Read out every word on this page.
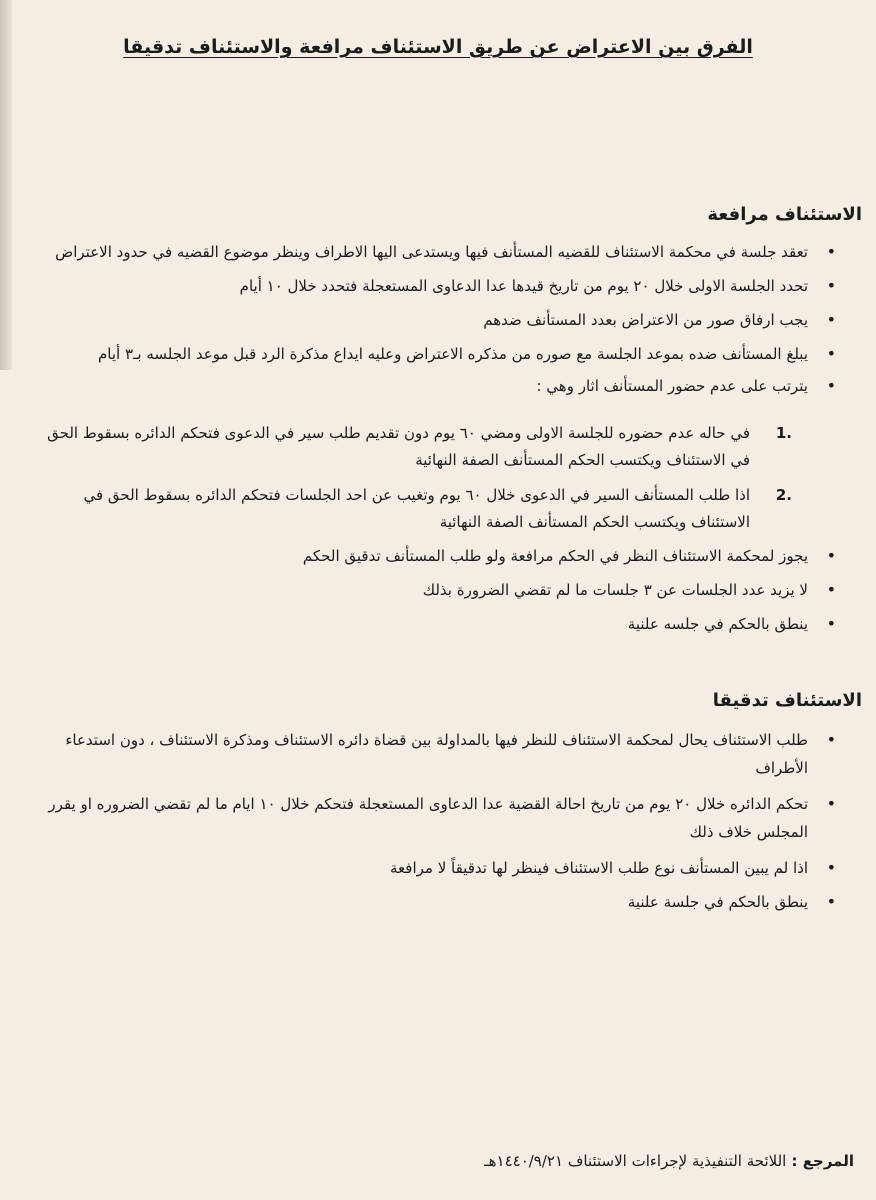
الفرق بين الاعتراض عن طريق الاستئناف مرافعة والاستئناف تدقيقا
الاستئناف مرافعة
• تعقد جلسة في محكمة الاستئناف للقضيه المستأنف فيها ويستدعى اليها الاطراف وينظر موضوع القضيه في حدود الاعتراض
• تحدد الجلسة الاولى خلال ٢٠ يوم من تاريخ قيدها عدا الدعاوى المستعجلة فتحدد خلال ١٠ أيام
• يجب ارفاق صور من الاعتراض بعدد المستأنف ضدهم
• يبلغ المستأنف ضده بموعد الجلسة مع صوره من مذكره الاعتراض وعليه ايداع مذكرة الرد قبل موعد الجلسه بـ٣ أيام
• يترتب على عدم حضور المستأنف اثار وهي :
1.
في حاله عدم حضوره للجلسة الاولى ومضي ٦٠ يوم دون تقديم طلب سير في الدعوى فتحكم الدائره بسقوط الحق في الاستئناف ويكتسب الحكم المستأنف الصفة النهائية
2.
اذا طلب المستأنف السير في الدعوى خلال ٦٠ يوم وتغيب عن احد الجلسات فتحكم الدائره بسقوط الحق في الاستئناف ويكتسب الحكم المستأنف الصفة النهائية
• يجوز لمحكمة الاستئناف النظر في الحكم مرافعة ولو طلب المستأنف تدقيق الحكم
• لا يزيد عدد الجلسات عن ٣ جلسات ما لم تقضي الضرورة بذلك
• ينطق بالحكم في جلسه علنية
الاستئناف تدقيقا
• طلب الاستئناف يحال لمحكمة الاستئناف للنظر فيها بالمداولة بين قضاة دائره الاستئناف ومذكرة الاستئناف ، دون استدعاء الأطراف
• تحكم الدائره خلال ٢٠ يوم من تاريخ احالة القضية عدا الدعاوى المستعجلة فتحكم خلال ١٠ ايام ما لم تقضي الضروره او يقرر المجلس خلاف ذلك
• اذا لم يبين المستأنف نوع طلب الاستئناف فينظر لها تدقيقاً لا مرافعة
• ينطق بالحكم في جلسة علنية
المرجع : اللائحة التنفيذية لإجراءات الاستئناف ١٤٤٠/٩/٢١هـ
